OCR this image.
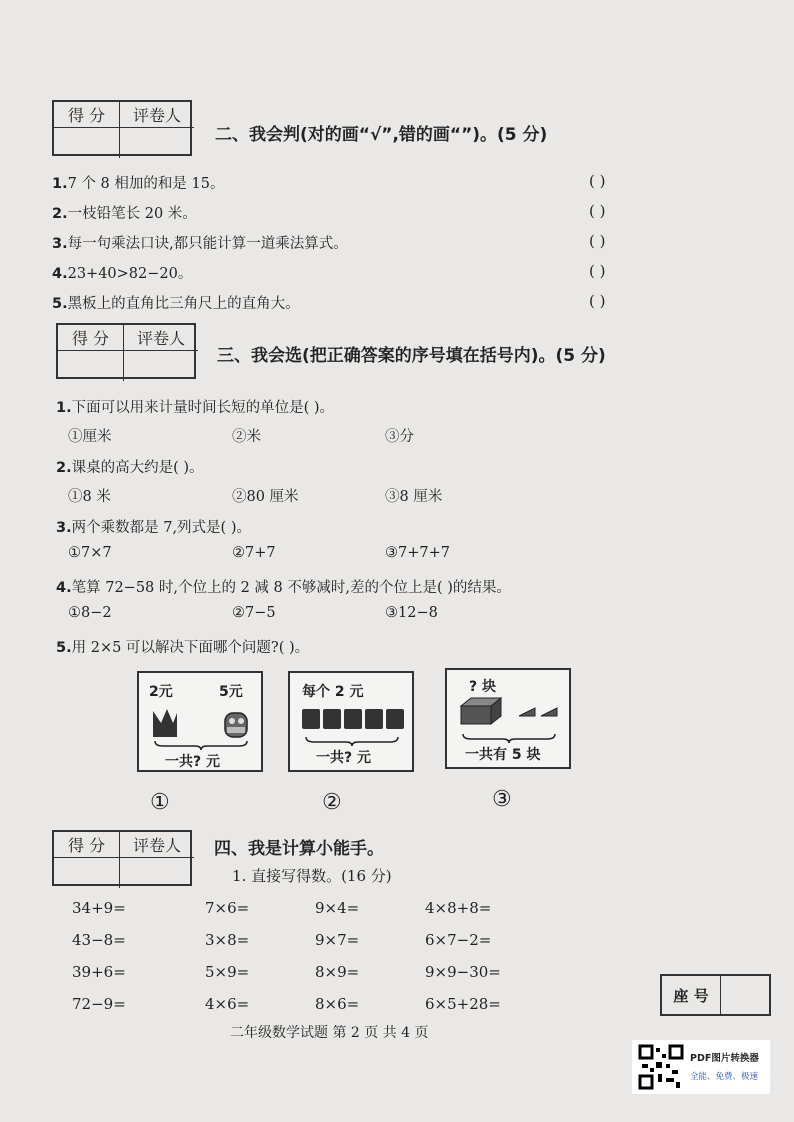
得 分	评卷人
二、我会判(对的画“√”,错的画“”)。(5 分)
1.7 个 8 相加的和是 15。	( )
2.一枝铅笔长 20 米。	( )
3.每一句乘法口诀,都只能计算一道乘法算式。	( )
4.23+40>82−20。	( )
5.黑板上的直角比三角尺上的直角大。	( )
得 分	评卷人
三、我会选(把正确答案的序号填在括号内)。(5 分)
1.下面可以用来计量时间长短的单位是( )。
①厘米	②米	③分
2.课桌的高大约是( )。
①8 米	②80 厘米	③8 厘米
3.两个乘数都是 7,列式是( )。
①7×7	②7+7	③7+7+7
4.笔算 72−58 时,个位上的 2 减 8 不够减时,差的个位上是( )的结果。
①8−2	②7−5	③12−8
5.用 2×5 可以解决下面哪个问题?( )。
2元	5元
一共? 元
①
每个 2 元
一共? 元
②
? 块
一共有 5 块
③
得 分	评卷人	四、我是计算小能手。
1. 直接写得数。(16 分)
34+9=	7×6=	9×4=	4×8+8=
43−8=	3×8=	9×7=	6×7−2=
39+6=	5×9=	8×9=	9×9−30=
72−9=	4×6=	8×6=	6×5+28=	座 号
二年级数学试题 第 2 页 共 4 页
PDF图片转换器
全能、免费、极速
